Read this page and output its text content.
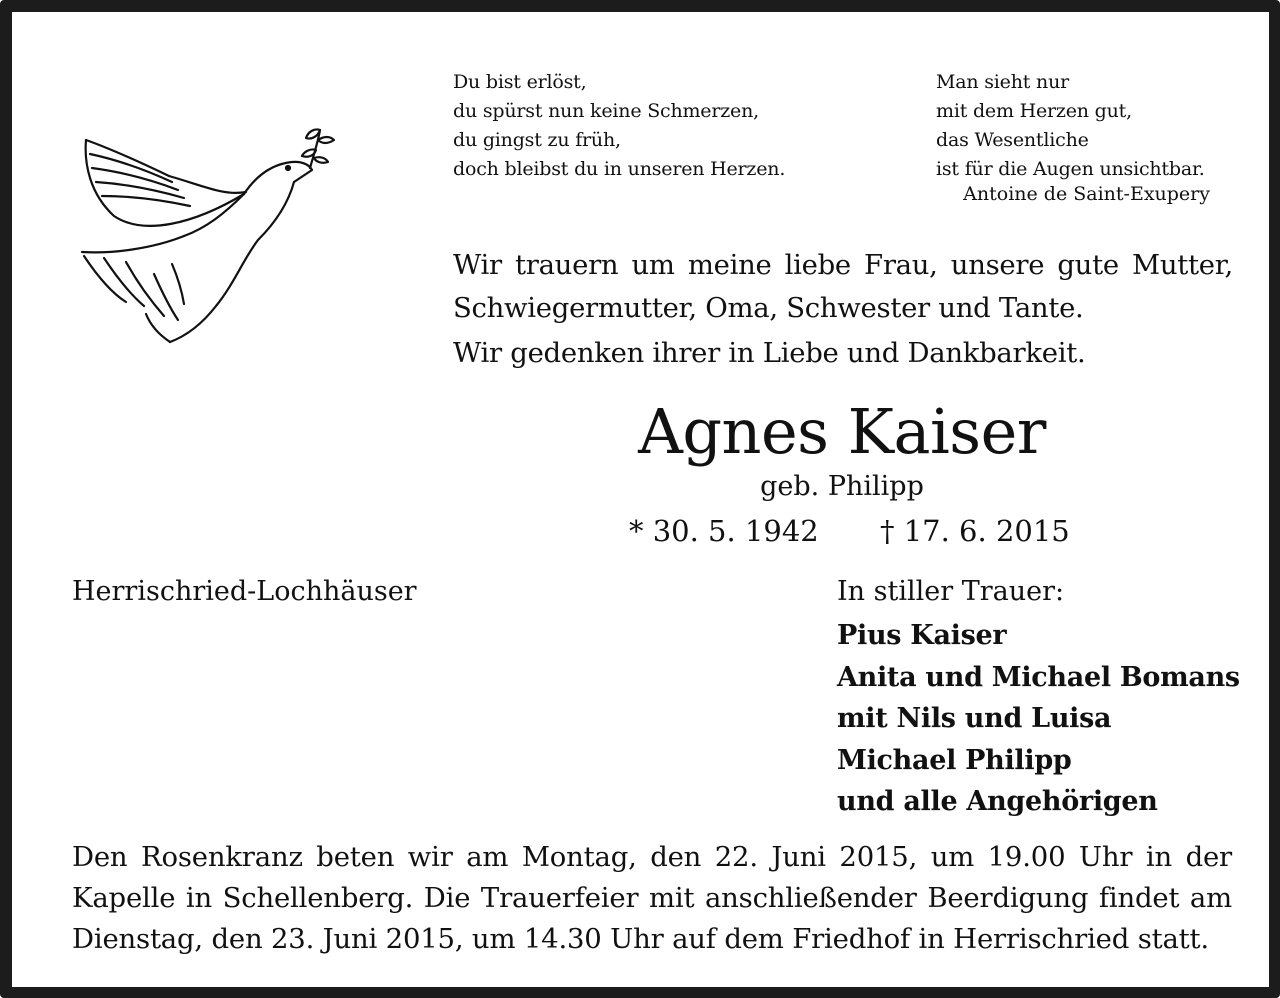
Du bist erlöst,
du spürst nun keine Schmerzen,
du gingst zu früh,
doch bleibst du in unseren Herzen.
Man sieht nur
mit dem Herzen gut,
das Wesentliche
ist für die Augen unsichtbar.
Antoine de Saint-Exupery
Wir trauern um meine liebe Frau, unsere gute Mutter,
Schwiegermutter, Oma, Schwester und Tante.
Wir gedenken ihrer in Liebe und Dankbarkeit.
Agnes Kaiser
geb. Philipp
* 30. 5. 1942 † 17. 6. 2015
Herrischried-Lochhäuser	In stiller Trauer:
Pius Kaiser
Anita und Michael Bomans
mit Nils und Luisa
Michael Philipp
und alle Angehörigen
Den Rosenkranz beten wir am Montag, den 22. Juni 2015, um 19.00 Uhr in der
Kapelle in Schellenberg. Die Trauerfeier mit anschließender Beerdigung findet am
Dienstag, den 23. Juni 2015, um 14.30 Uhr auf dem Friedhof in Herrischried statt.
